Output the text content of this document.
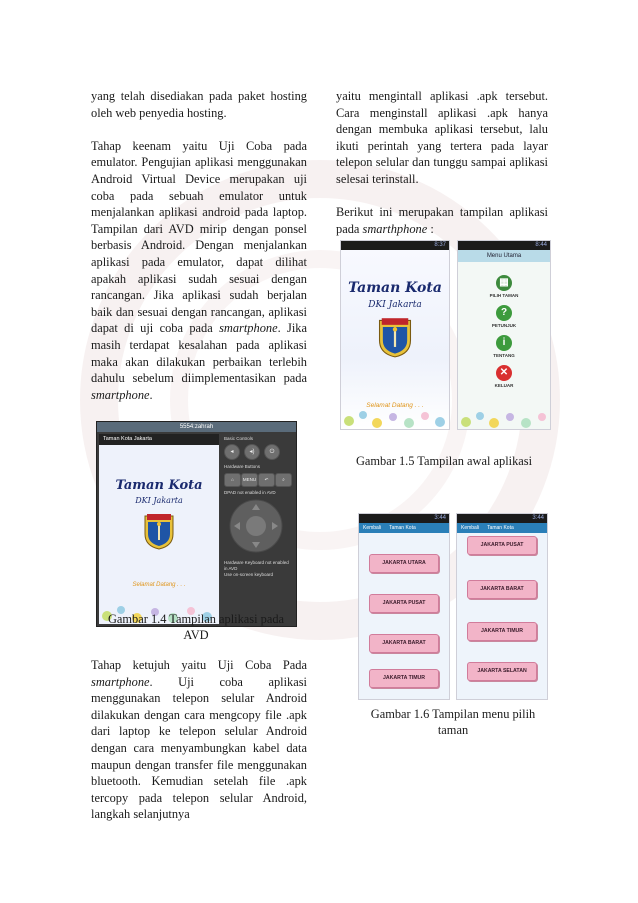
yang telah disediakan pada paket hosting oleh web penyedia hosting.

Tahap keenam yaitu Uji Coba pada emulator. Pengujian aplikasi menggunakan Android Virtual Device merupakan uji coba pada sebuah emulator untuk menjalankan aplikasi android pada laptop. Tampilan dari AVD mirip dengan ponsel berbasis Android. Dengan menjalankan aplikasi pada emulator, dapat dilihat apakah aplikasi sudah sesuai dengan rancangan. Jika aplikasi sudah berjalan baik dan sesuai dengan rancangan, aplikasi dapat di uji coba pada smartphone. Jika masih terdapat kesalahan pada aplikasi maka akan dilakukan perbaikan terlebih dahulu sebelum diimplementasikan pada smartphone.

5554:zahrah
Taman Kota Jakarta
Taman Kota
DKI Jakarta
Selamat Datang . . .
Basic Controls
◂	◂)	⏻
Hardware Buttons
⌂	MENU	↶	⌕
DPAD not enabled in AVD
Hardware Keyboard not enabled in AVD
Use on-screen keyboard
Gambar 1.4 Tampilan aplikasi pada
AVD

Tahap ketujuh yaitu Uji Coba Pada smartphone. Uji coba aplikasi menggunakan telepon selular Android dilakukan dengan cara mengcopy file .apk dari laptop ke telepon selular Android dengan cara menyambungkan kabel data maupun dengan transfer file menggunakan bluetooth. Kemudian setelah file .apk tercopy pada telepon selular Android, langkah selanjutnya

yaitu mengintall aplikasi .apk tersebut. Cara menginstall aplikasi .apk hanya dengan membuka aplikasi tersebut, lalu ikuti perintah yang tertera pada layar telepon selular dan tunggu sampai aplikasi selesai terinstall.

Berikut ini merupakan tampilan aplikasi pada smarthphone :

8:37
Taman Kota
DKI Jakarta
Selamat Datang . . .
8:44
Menu Utama
▦
PILIH TAMAN
?
PETUNJUK
i
TENTANG
✕
KELUAR
Gambar 1.5 Tampilan awal aplikasi
3:44
Kembali Taman Kota
JAKARTA UTARA
JAKARTA PUSAT
JAKARTA BARAT
JAKARTA TIMUR
3:44
Kembali Taman Kota
JAKARTA PUSAT
JAKARTA BARAT
JAKARTA TIMUR
JAKARTA SELATAN
Gambar 1.6 Tampilan menu pilih
taman
